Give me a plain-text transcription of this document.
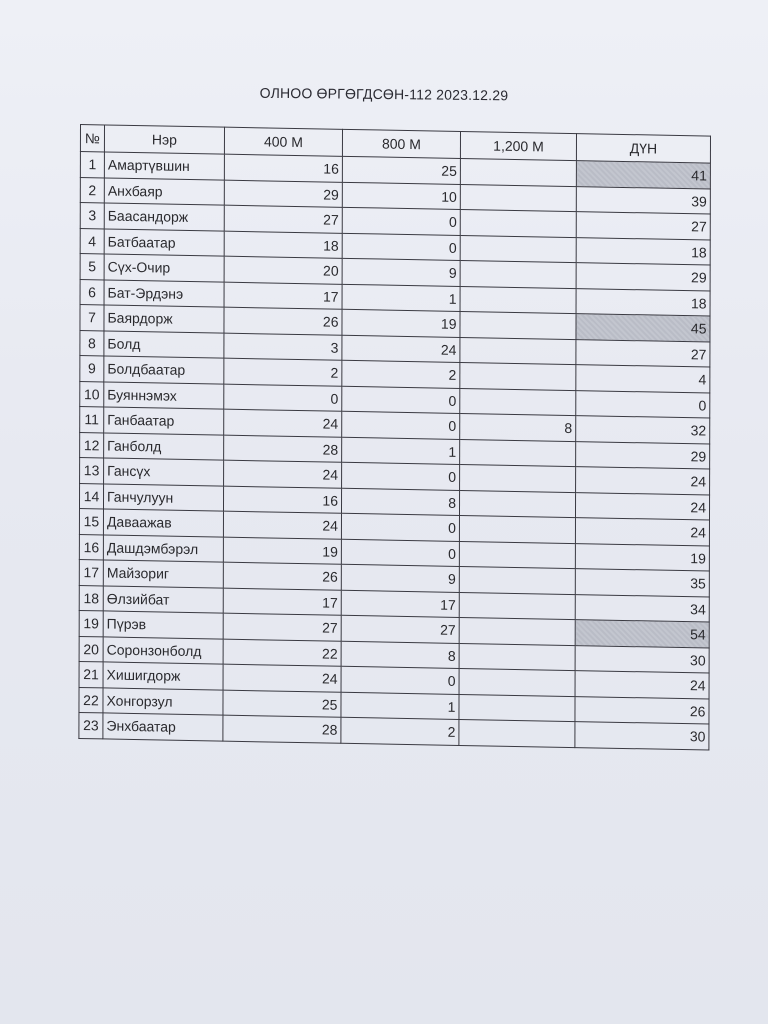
ОЛНОО ӨРГӨГДСӨН-112 2023.12.29
№	Нэр	400 М	800 М	1,200 М	ДҮН
1	Амартүвшин	16	25		41
2	Анхбаяр	29	10		39
3	Баасандорж	27	0		27
4	Батбаатар	18	0		18
5	Сүх-Очир	20	9		29
6	Бат-Эрдэнэ	17	1		18
7	Баярдорж	26	19		45
8	Болд	3	24		27
9	Болдбаатар	2	2		4
10	Буяннэмэх	0	0		0
11	Ганбаатар	24	0	8	32
12	Ганболд	28	1		29
13	Гансүх	24	0		24
14	Ганчулуун	16	8		24
15	Даваажав	24	0		24
16	Дашдэмбэрэл	19	0		19
17	Майзориг	26	9		35
18	Өлзийбат	17	17		34
19	Пүрэв	27	27		54
20	Соронзонболд	22	8		30
21	Хишигдорж	24	0		24
22	Хонгорзул	25	1		26
23	Энхбаатар	28	2		30
